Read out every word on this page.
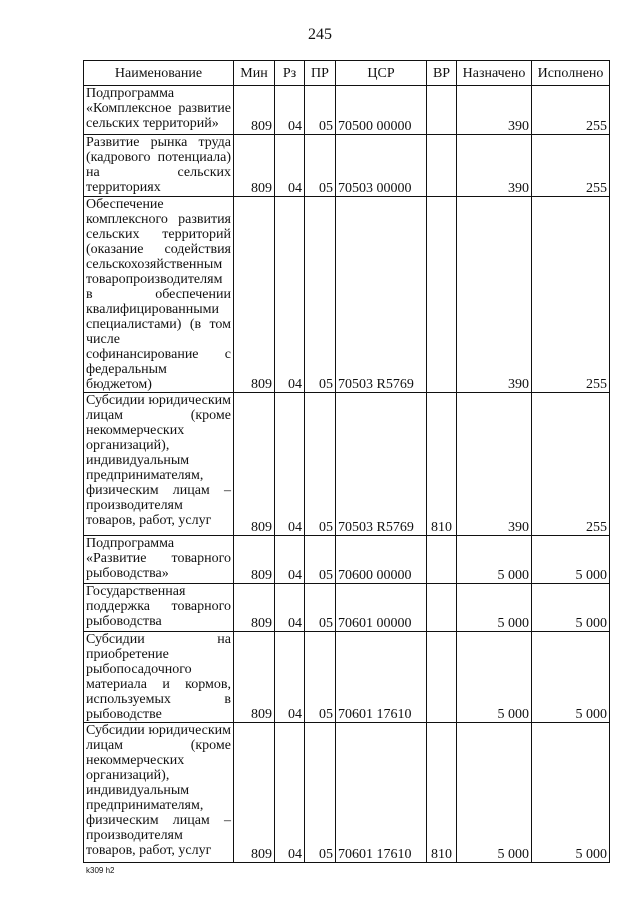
245
Наименование	Мин	Рз	ПР	ЦСР	ВР	Назначено	Исполнено
Подпрограмма «Комплексное развитие сельских территорий»	809	04	05	70500 00000		390	255
Развитие рынка труда (кадрового потенциала) на сельских территориях	809	04	05	70503 00000		390	255
Обеспечение комплексного развития сельских территорий (оказание содействия сельскохозяйственным товаропроизводителям в обеспечении квалифицированными специалистами) (в том числе софинансирование с федеральным бюджетом)	809	04	05	70503 R5769		390	255
Субсидии юридическим лицам (кроме некоммерческих организаций), индивидуальным предпринимателям, физическим лицам – производителям товаров, работ, услуг	809	04	05	70503 R5769	810	390	255
Подпрограмма «Развитие товарного рыбоводства»	809	04	05	70600 00000		5 000	5 000
Государственная поддержка товарного рыбоводства	809	04	05	70601 00000		5 000	5 000
Субсидии на приобретение рыбопосадочного материала и кормов, используемых в рыбоводстве	809	04	05	70601 17610		5 000	5 000
Субсидии юридическим лицам (кроме некоммерческих организаций), индивидуальным предпринимателям, физическим лицам – производителям товаров, работ, услуг	809	04	05	70601 17610	810	5 000	5 000
k309 h2
